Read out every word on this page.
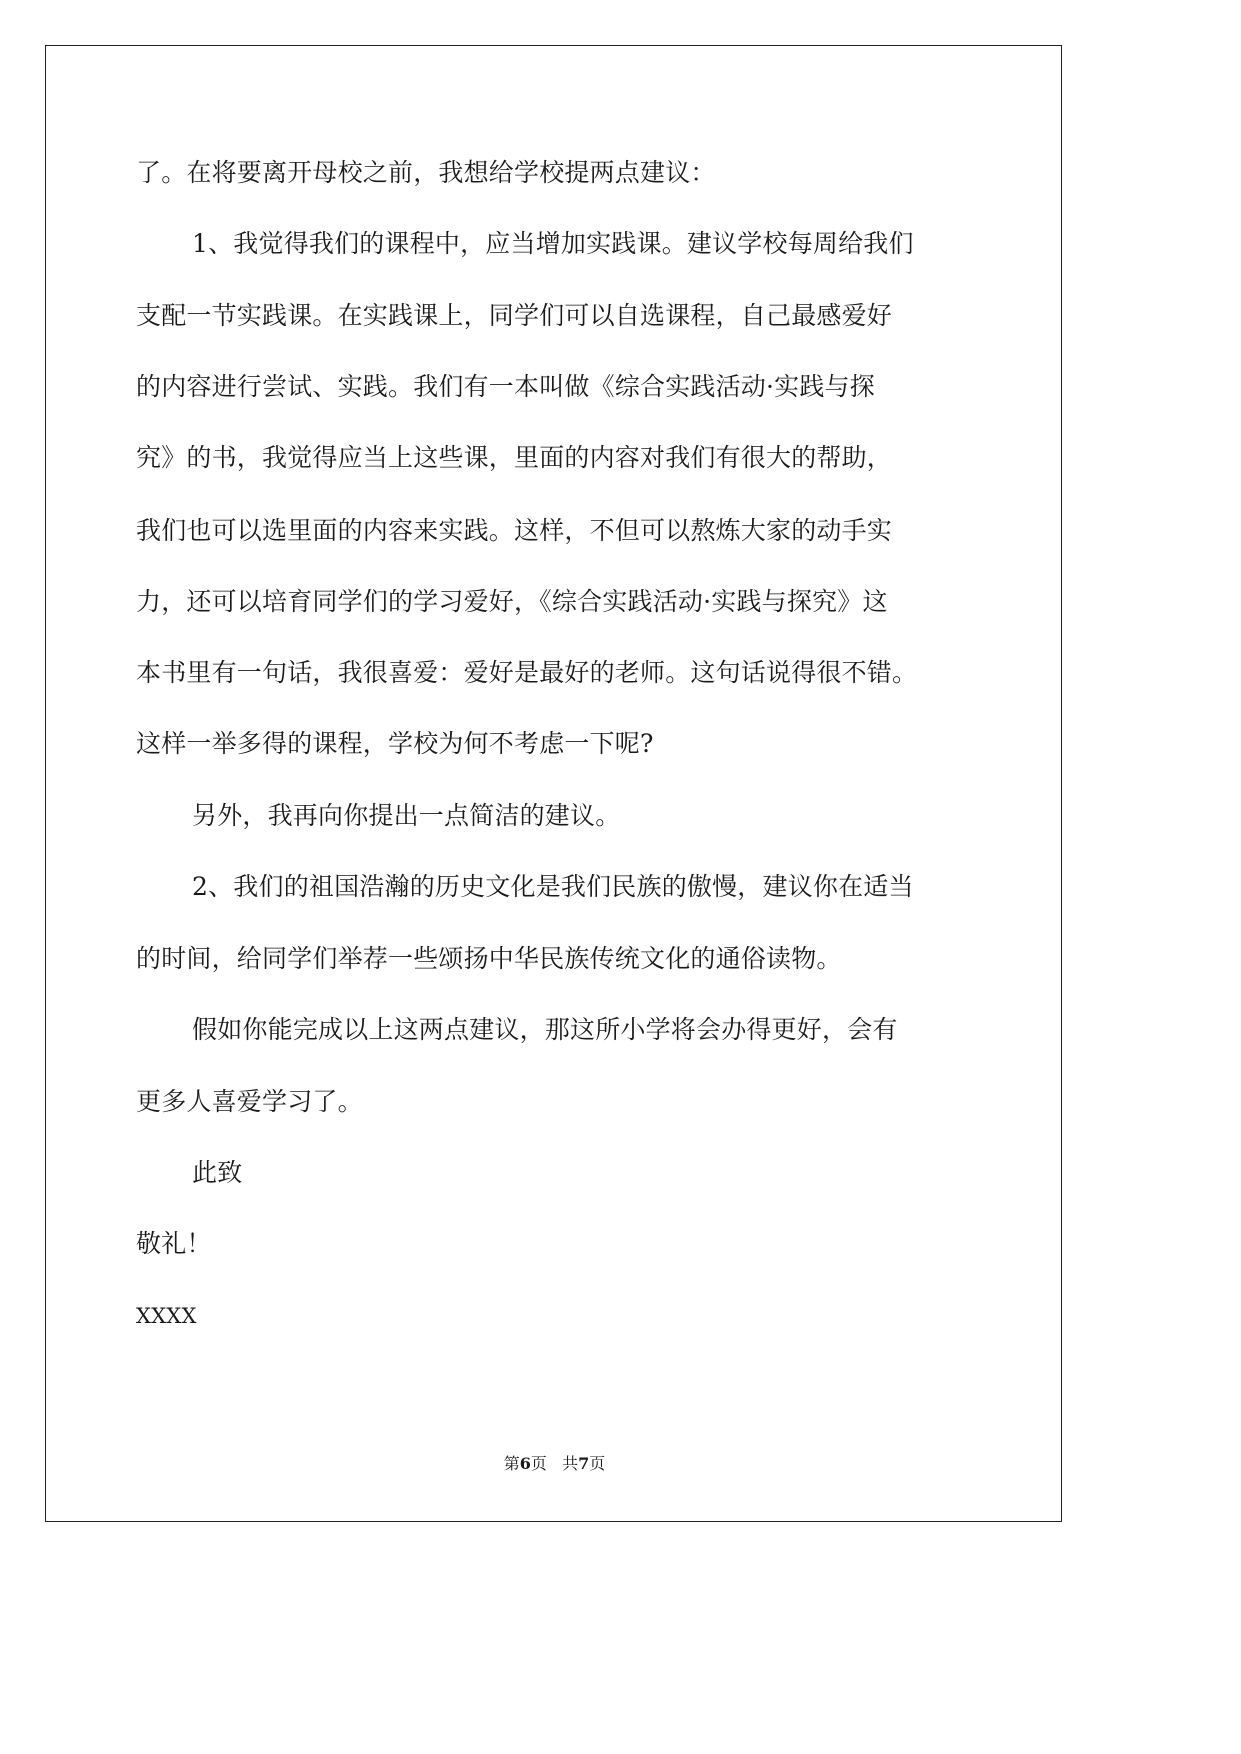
了。在将要离开母校之前，我想给学校提两点建议：
1、我觉得我们的课程中，应当增加实践课。建议学校每周给我们
支配一节实践课。在实践课上，同学们可以自选课程，自己最感爱好
的内容进行尝试、实践。我们有一本叫做《综合实践活动·实践与探
究》的书，我觉得应当上这些课，里面的内容对我们有很大的帮助，
我们也可以选里面的内容来实践。这样，不但可以熬炼大家的动手实
力，还可以培育同学们的学习爱好，《综合实践活动·实践与探究》这
本书里有一句话，我很喜爱：爱好是最好的老师。这句话说得很不错。
这样一举多得的课程，学校为何不考虑一下呢?
另外，我再向你提出一点简洁的建议。
2、我们的祖国浩瀚的历史文化是我们民族的傲慢，建议你在适当
的时间，给同学们举荐一些颂扬中华民族传统文化的通俗读物。
假如你能完成以上这两点建议，那这所小学将会办得更好，会有
更多人喜爱学习了。
此致
敬礼！
XXXX
第6页 共7页
